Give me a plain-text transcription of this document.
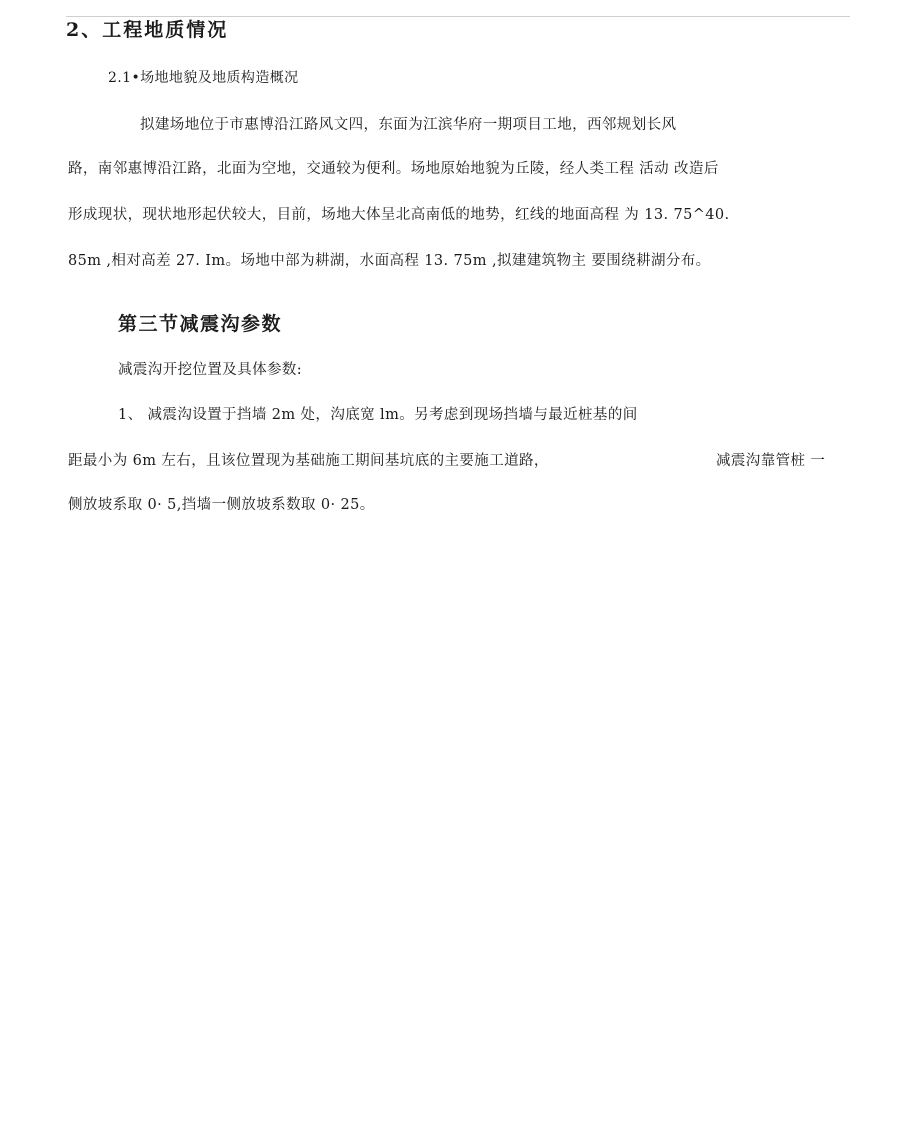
2、工程地质情况
2.1•场地地貌及地质构造概况
拟建场地位于市惠博沿江路风文四，东面为江滨华府一期项目工地，西邻规划长风
路，南邻惠博沿江路，北面为空地，交通较为便利。场地原始地貌为丘陵，经人类工程 活动 改造后
形成现状，现状地形起伏较大，目前，场地大体呈北高南低的地势，红线的地面高程 为 13. 75^40.
85m ,相对高差 27. Im。场地中部为耕湖，水面高程 13. 75m ,拟建建筑物主 要围绕耕湖分布。
第三节减震沟参数
减震沟开挖位置及具体参数:
1、 减震沟设置于挡墙 2m 处，沟底宽 lm。另考虑到现场挡墙与最近桩基的间
距最小为 6m 左右，且该位置现为基础施工期间基坑底的主要施工道路，	减震沟靠管桩 一
侧放坡系取 0· 5,挡墙一侧放坡系数取 0· 25。
